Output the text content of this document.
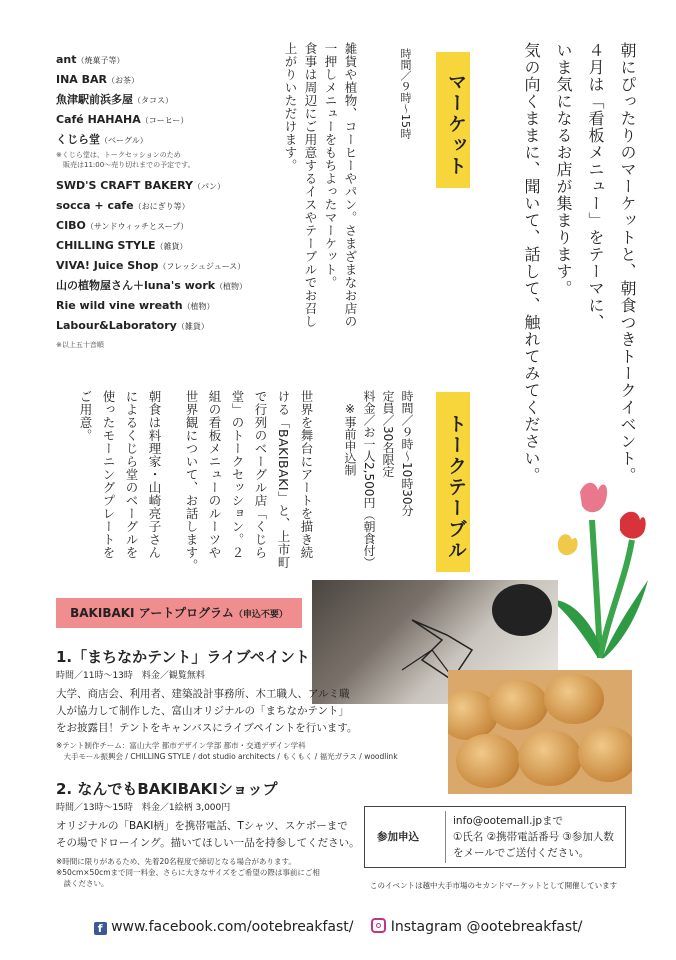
朝にぴったりのマーケットと、朝食つきトークイベント。
４月は「看板メニュー」をテーマに、
いま気になるお店が集まります。
気の向くままに、聞いて、話して、触れてみてください。
マーケット
時間／９時〜15時
雑貨や植物、コーヒーやパン。さまざまなお店の
一押しメニューをもちよったマーケット。
食事は周辺にご用意するイスやテーブルでお召し
上がりいただけます。
トークテーブル
時間／９時〜10時30分
定員／30名限定
料金／お一人2,500円（朝食付）
　※事前申込制
世界を舞台にアートを描き続
ける「BAKIBAKI」と、上市町
で行列のベーグル店「くじら
堂」のトークセッション。２
組の看板メニューのルーツや
世界観について、お話します。
朝食は料理家・山崎亮子さん
によるくじら堂のベーグルを
使ったモーニングプレートを
ご用意。
ant（焼菓子等）
INA BAR（お茶）
魚津駅前浜多屋（タコス）
Café HAHAHA（コーヒー）
くじら堂（ベーグル）
※くじら堂は、トークセッションのため
　販売は11:00〜売り切れまでの予定です。
SWD'S CRAFT BAKERY（パン）
socca + cafe（おにぎり等）
CIBO（サンドウィッチとスープ）
CHILLING STYLE（雑貨）
VIVA! Juice Shop（フレッシュジュース）
山の植物屋さん＋luna's work（植物）
Rie wild vine wreath（植物）
Labour&Laboratory（雑貨）
※以上五十音順
BAKIBAKI アートプログラム（申込不要）
1.「まちなかテント」ライブペイント
時間／11時〜13時　料金／観覧無料
大学、商店会、利用者、建築設計事務所、木工職人、アルミ職
人が協力して制作した、富山オリジナルの「まちなかテント」
をお披露目！テントをキャンバスにライブペイントを行います。
※テント制作チーム：富山大学 都市デザイン学部 都市・交通デザイン学科
　大手モール振興会 / CHILLING STYLE / dot studio architects / もくもく / 福光ガラス / woodlink
2. なんでもBAKIBAKIショップ
時間／13時〜15時　料金／1絵柄 3,000円
オリジナルの「BAKI柄」を携帯電話、Tシャツ、スケボーまで
その場でドローイング。描いてほしい一品を持参してください。
※時間に限りがあるため、先着20名程度で締切となる場合があります。
※50cm×50cmまで同一料金、さらに大きなサイズをご希望の際は事前にご相
　談ください。
参加申込
info@ootemall.jpまで
①氏名 ②携帯電話番号 ③参加人数
をメールでご送付ください。
このイベントは越中大手市場のセカンドマーケットとして開催しています
f www.facebook.com/ootebreakfast/	Instagram @ootebreakfast/
